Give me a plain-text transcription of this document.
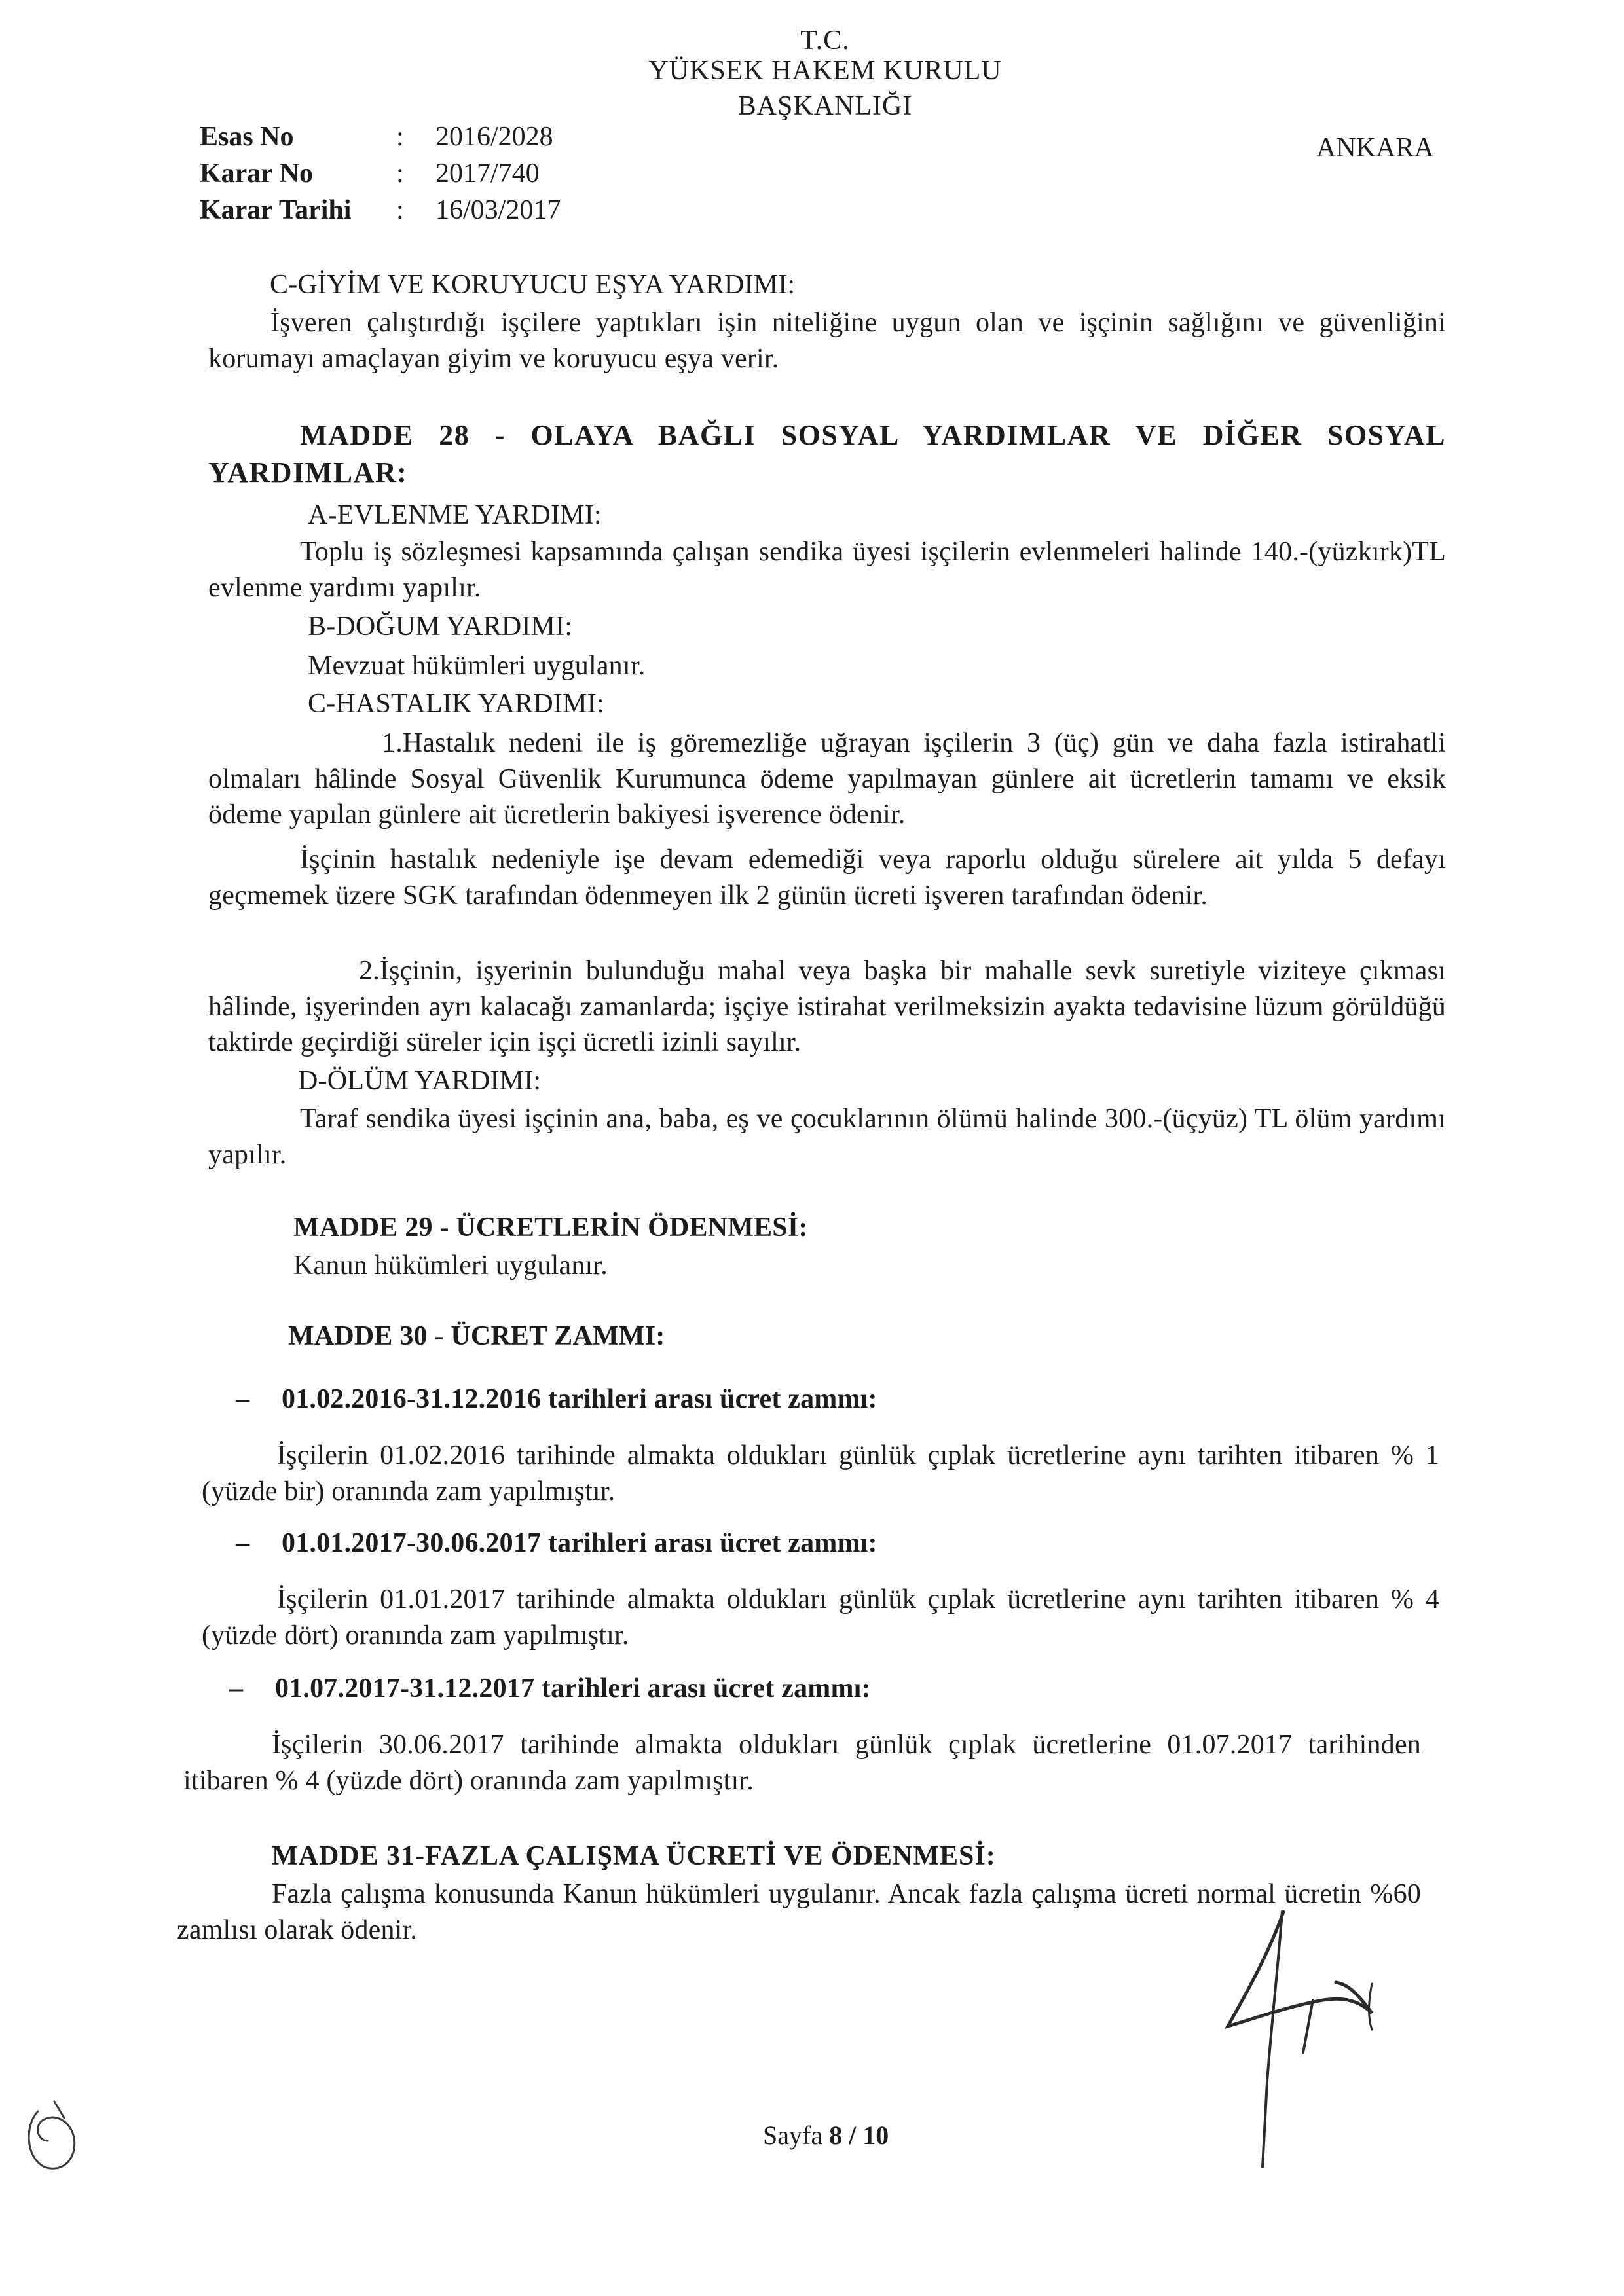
T.C.
YÜKSEK HAKEM KURULU
BAŞKANLIĞI
ANKARA
Esas No	: 2016/2028
Karar No	: 2017/740
Karar Tarihi : 16/03/2017
C-GİYİM VE KORUYUCU EŞYA YARDIMI:
İşveren çalıştırdığı işçilere yaptıkları işin niteliğine uygun olan ve işçinin sağlığını ve güvenliğini korumayı amaçlayan giyim ve koruyucu eşya verir.
MADDE 28 - OLAYA BAĞLI SOSYAL YARDIMLAR VE DİĞER SOSYAL YARDIMLAR:
A-EVLENME YARDIMI:
Toplu iş sözleşmesi kapsamında çalışan sendika üyesi işçilerin evlenmeleri halinde 140.-(yüzkırk)TL evlenme yardımı yapılır.
B-DOĞUM YARDIMI:
Mevzuat hükümleri uygulanır.
C-HASTALIK YARDIMI:
1.Hastalık nedeni ile iş göremezliğe uğrayan işçilerin 3 (üç) gün ve daha fazla istirahatli olmaları hâlinde Sosyal Güvenlik Kurumunca ödeme yapılmayan günlere ait ücretlerin tamamı ve eksik ödeme yapılan günlere ait ücretlerin bakiyesi işverence ödenir.
İşçinin hastalık nedeniyle işe devam edemediği veya raporlu olduğu sürelere ait yılda 5 defayı geçmemek üzere SGK tarafından ödenmeyen ilk 2 günün ücreti işveren tarafından ödenir.
2.İşçinin, işyerinin bulunduğu mahal veya başka bir mahalle sevk suretiyle viziteye çıkması hâlinde, işyerinden ayrı kalacağı zamanlarda; işçiye istirahat verilmeksizin ayakta tedavisine lüzum görüldüğü taktirde geçirdiği süreler için işçi ücretli izinli sayılır.
D-ÖLÜM YARDIMI:
Taraf sendika üyesi işçinin ana, baba, eş ve çocuklarının ölümü halinde 300.-(üçyüz) TL ölüm yardımı yapılır.
MADDE 29 - ÜCRETLERİN ÖDENMESİ:
Kanun hükümleri uygulanır.
MADDE 30 - ÜCRET ZAMMI:
– 01.02.2016-31.12.2016 tarihleri arası ücret zammı:
İşçilerin 01.02.2016 tarihinde almakta oldukları günlük çıplak ücretlerine aynı tarihten itibaren % 1 (yüzde bir) oranında zam yapılmıştır.
– 01.01.2017-30.06.2017 tarihleri arası ücret zammı:
İşçilerin 01.01.2017 tarihinde almakta oldukları günlük çıplak ücretlerine aynı tarihten itibaren % 4 (yüzde dört) oranında zam yapılmıştır.
– 01.07.2017-31.12.2017 tarihleri arası ücret zammı:
İşçilerin 30.06.2017 tarihinde almakta oldukları günlük çıplak ücretlerine 01.07.2017 tarihinden itibaren % 4 (yüzde dört) oranında zam yapılmıştır.
MADDE 31-FAZLA ÇALIŞMA ÜCRETİ VE ÖDENMESİ:
Fazla çalışma konusunda Kanun hükümleri uygulanır. Ancak fazla çalışma ücreti normal ücretin %60 zamlısı olarak ödenir.
Sayfa 8 / 10
